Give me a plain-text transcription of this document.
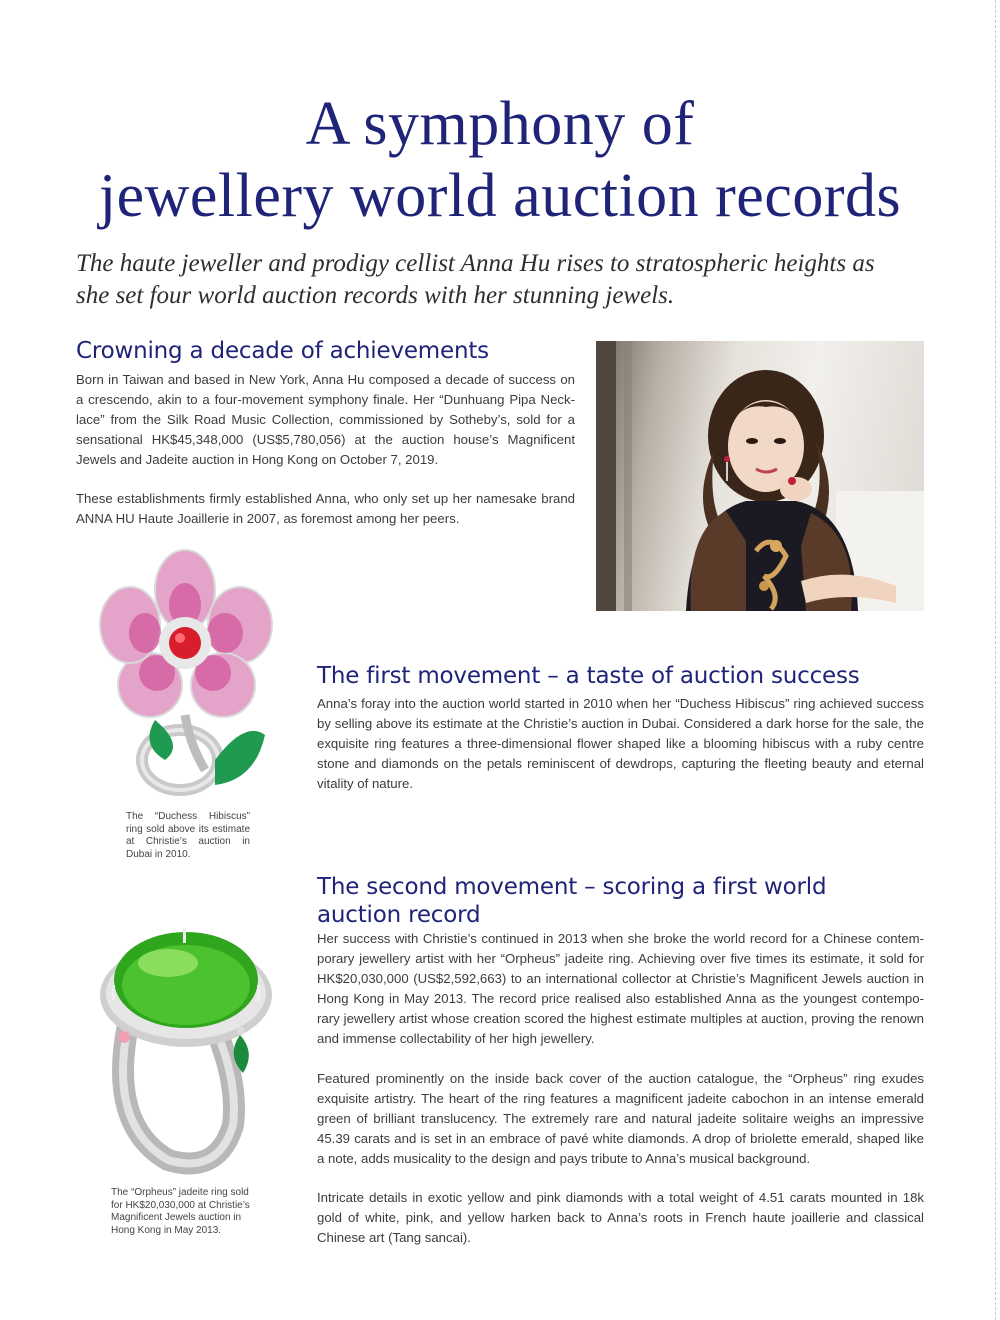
A symphony of
jewellery world auction records

The haute jeweller and prodigy cellist Anna Hu rises to stratospheric heights as
she set four world auction records with her stunning jewels.

Crowning a decade of achievements

Born in Taiwan and based in New York, Anna Hu composed a decade of success on a crescendo, akin to a four-movement symphony finale. Her “Dunhuang Pipa Neck-lace” from the Silk Road Music Collection, commissioned by Sotheby’s, sold for a sensational HK$45,348,000 (US$5,780,056) at the auction house’s Magnificent Jewels and Jadeite auction in Hong Kong on October 7, 2019.

These establishments firmly established Anna, who only set up her namesake brand ANNA HU Haute Joaillerie in 2007, as foremost among her peers.

The “Duchess Hibiscus” ring sold above its estimate at Christie’s auction in Dubai in 2010.

The first movement – a taste of auction success

Anna’s foray into the auction world started in 2010 when her “Duchess Hibiscus” ring achieved success by selling above its estimate at the Christie’s auction in Dubai. Considered a dark horse for the sale, the exquisite ring features a three-dimensional flower shaped like a blooming hibiscus with a ruby centre stone and diamonds on the petals reminiscent of dewdrops, capturing the fleeting beauty and eternal vitality of nature.

The second movement – scoring a first world
auction record

Her success with Christie’s continued in 2013 when she broke the world record for a Chinese contem-porary jewellery artist with her “Orpheus” jadeite ring. Achieving over five times its estimate, it sold for HK$20,030,000 (US$2,592,663) to an international collector at Christie’s Magnificent Jewels auction in Hong Kong in May 2013. The record price realised also established Anna as the youngest contempo-rary jewellery artist whose creation scored the highest estimate multiples at auction, proving the renown and immense collectability of her high jewellery.

Featured prominently on the inside back cover of the auction catalogue, the “Orpheus” ring exudes exquisite artistry. The heart of the ring features a magnificent jadeite cabochon in an intense emerald green of brilliant translucency. The extremely rare and natural jadeite solitaire weighs an impressive 45.39 carats and is set in an embrace of pavé white diamonds. A drop of briolette emerald, shaped like a note, adds musicality to the design and pays tribute to Anna’s musical background.

Intricate details in exotic yellow and pink diamonds with a total weight of 4.51 carats mounted in 18k gold of white, pink, and yellow harken back to Anna’s roots in French haute joaillerie and classical Chinese art (Tang sancai).

The “Orpheus” jadeite ring sold for HK$20,030,000 at Christie’s Magnificent Jewels auction in Hong Kong in May 2013.
